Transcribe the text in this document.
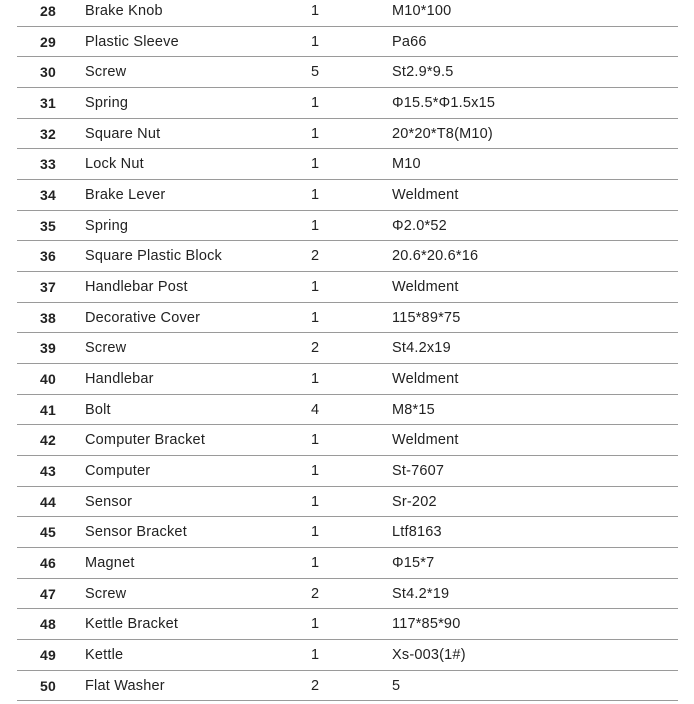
28	Brake Knob	1	M10*100
29	Plastic Sleeve	1	Pa66
30	Screw	5	St2.9*9.5
31	Spring	1	Φ15.5*Φ1.5x15
32	Square Nut	1	20*20*T8(M10)
33	Lock Nut	1	M10
34	Brake Lever	1	Weldment
35	Spring	1	Φ2.0*52
36	Square Plastic Block	2	20.6*20.6*16
37	Handlebar Post	1	Weldment
38	Decorative Cover	1	115*89*75
39	Screw	2	St4.2x19
40	Handlebar	1	Weldment
41	Bolt	4	M8*15
42	Computer Bracket	1	Weldment
43	Computer	1	St-7607
44	Sensor	1	Sr-202
45	Sensor Bracket	1	Ltf8163
46	Magnet	1	Φ15*7
47	Screw	2	St4.2*19
48	Kettle Bracket	1	117*85*90
49	Kettle	1	Xs-003(1#)
50	Flat Washer	2	5
